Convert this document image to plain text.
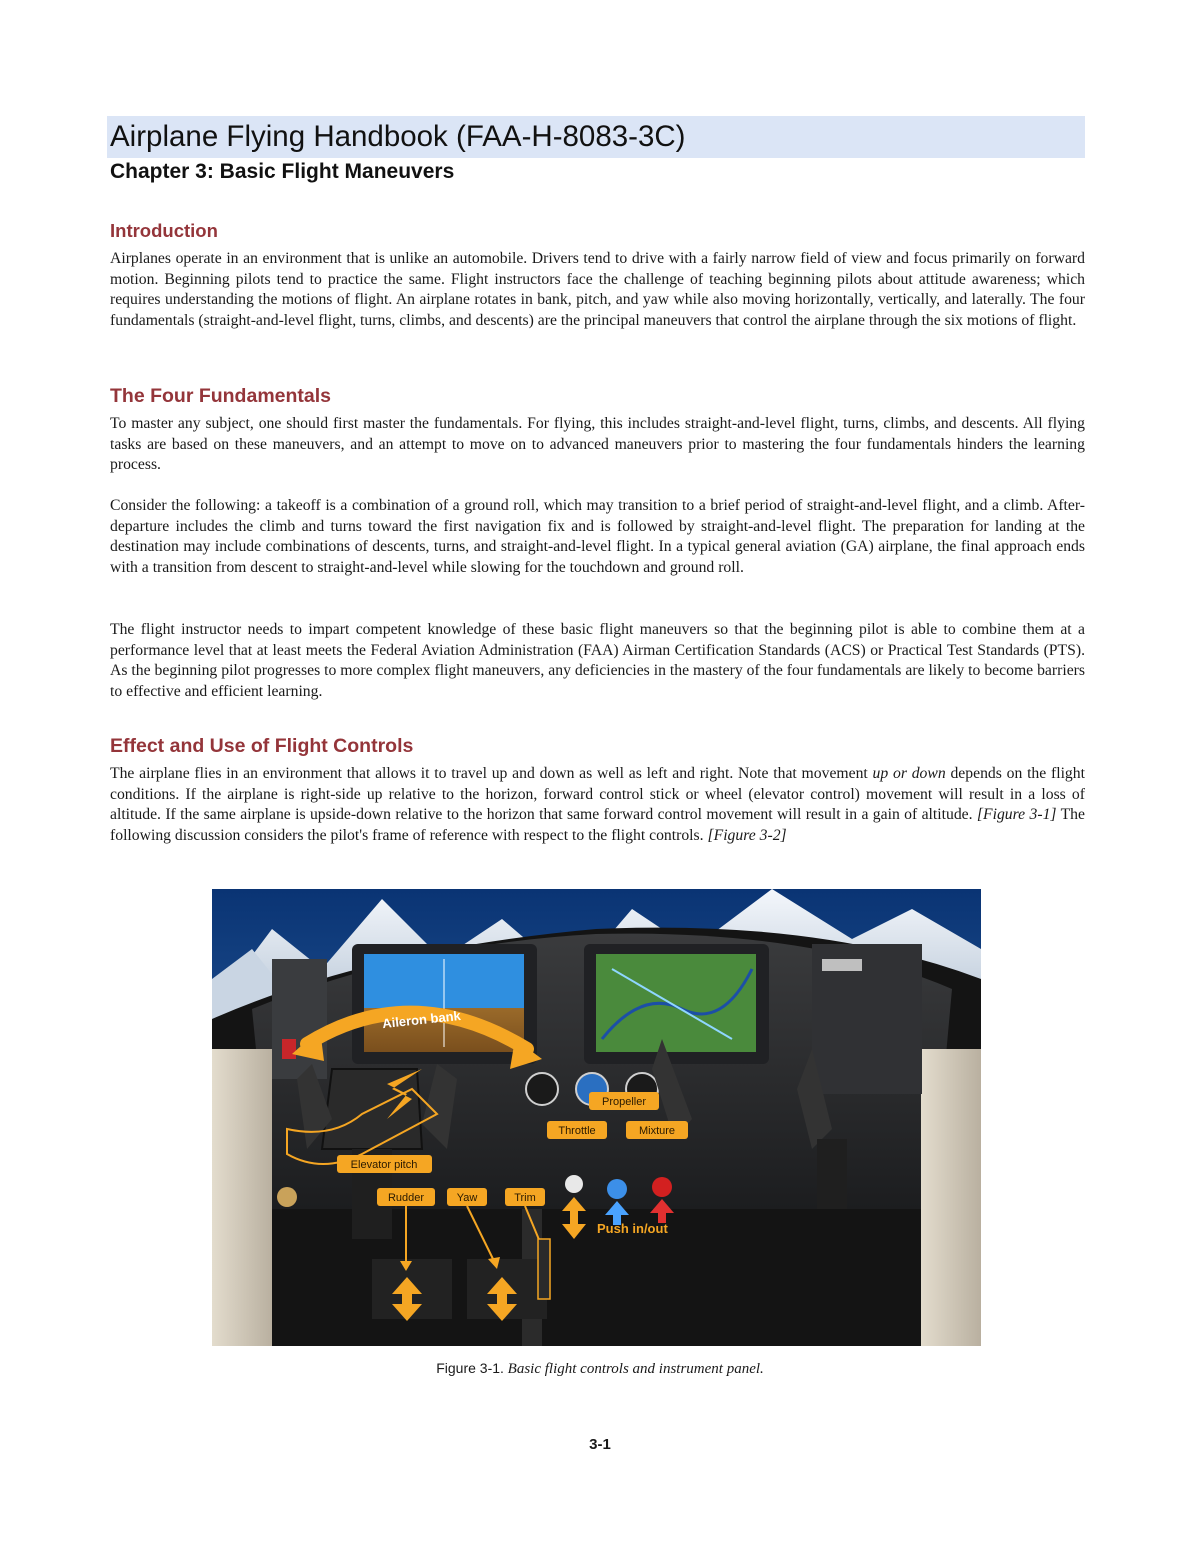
Airplane Flying Handbook (FAA-H-8083-3C)
Chapter 3: Basic Flight Maneuvers
Introduction

Airplanes operate in an environment that is unlike an automobile. Drivers tend to drive with a fairly narrow field of view and focus primarily on forward motion. Beginning pilots tend to practice the same. Flight instructors face the challenge of teaching beginning pilots about attitude awareness; which requires understanding the motions of flight. An airplane rotates in bank, pitch, and yaw while also moving horizontally, vertically, and laterally. The four fundamentals (straight-and-level flight, turns, climbs, and descents) are the principal maneuvers that control the airplane through the six motions of flight.

The Four Fundamentals

To master any subject, one should first master the fundamentals. For flying, this includes straight-and-level flight, turns, climbs, and descents. All flying tasks are based on these maneuvers, and an attempt to move on to advanced maneuvers prior to mastering the four fundamentals hinders the learning process.

Consider the following: a takeoff is a combination of a ground roll, which may transition to a brief period of straight-and-level flight, and a climb. After-departure includes the climb and turns toward the first navigation fix and is followed by straight-and-level flight. The preparation for landing at the destination may include combinations of descents, turns, and straight-and-level flight. In a typical general aviation (GA) airplane, the final approach ends with a transition from descent to straight-and-level while slowing for the touchdown and ground roll.

The flight instructor needs to impart competent knowledge of these basic flight maneuvers so that the beginning pilot is able to combine them at a performance level that at least meets the Federal Aviation Administration (FAA) Airman Certification Standards (ACS) or Practical Test Standards (PTS). As the beginning pilot progresses to more complex flight maneuvers, any deficiencies in the mastery of the four fundamentals are likely to become barriers to effective and efficient learning.

Effect and Use of Flight Controls

The airplane flies in an environment that allows it to travel up and down as well as left and right. Note that movement up or down depends on the flight conditions. If the airplane is right-side up relative to the horizon, forward control stick or wheel (elevator control) movement will result in a loss of altitude. If the same airplane is upside-down relative to the horizon that same forward control movement will result in a gain of altitude. [Figure 3-1] The following discussion considers the pilot's frame of reference with respect to the flight controls. [Figure 3-2]

Aileron bank
Elevator pitch
Propeller
Throttle	Mixture
Push in/out
Rudder	Yaw	Trim
Figure 3-1. Basic flight controls and instrument panel.
3-1
